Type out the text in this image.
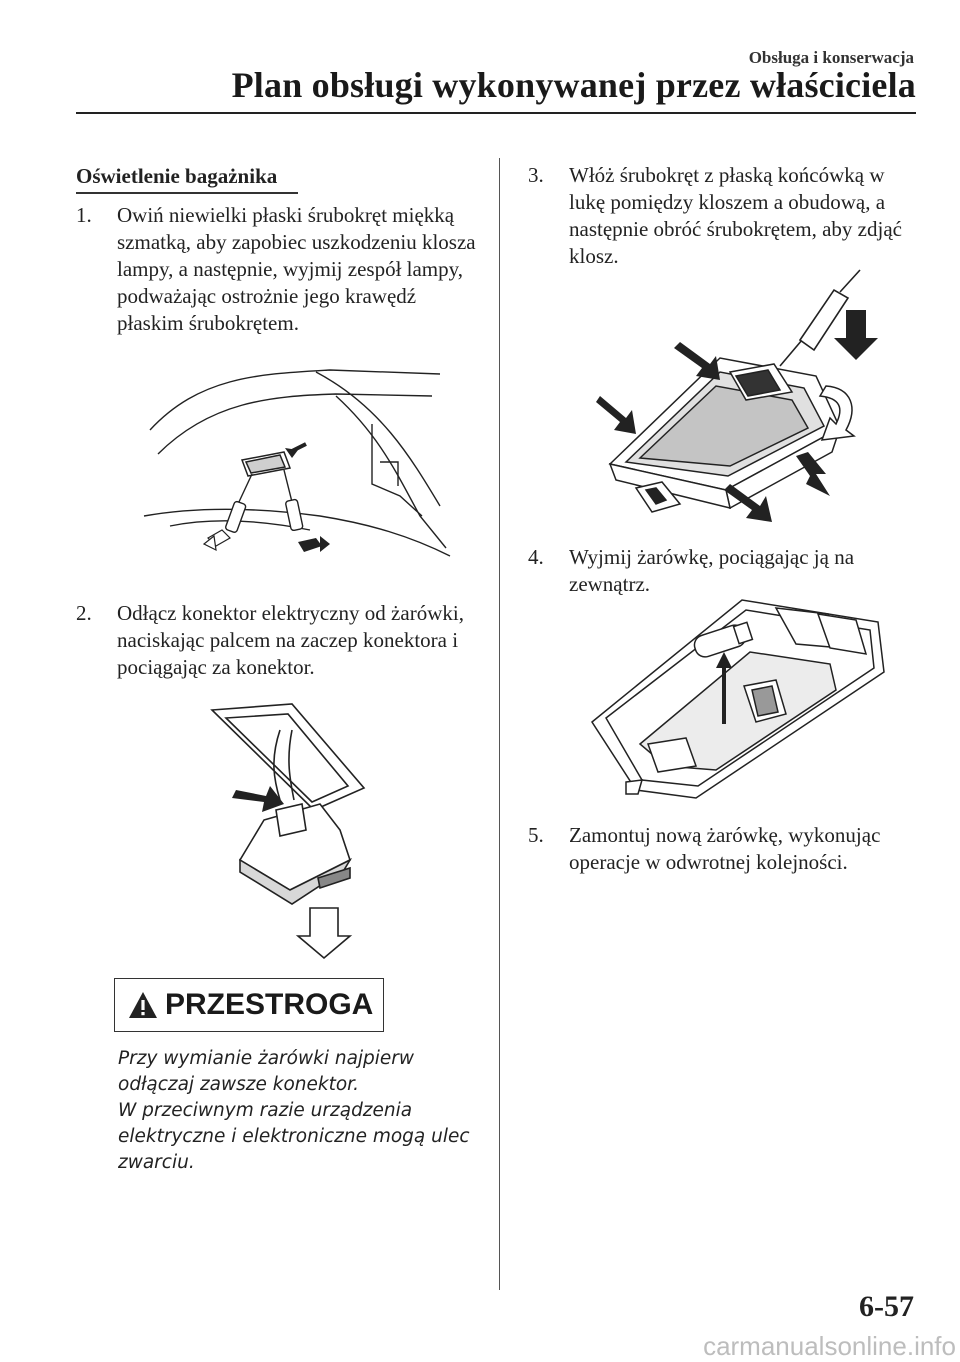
Obsługa i konserwacja
Plan obsługi wykonywanej przez właściciela
Oświetlenie bagażnika
1.	Owiń niewielki płaski śrubokręt miękką szmatką, aby zapobiec uszkodzeniu klosza lampy, a następnie, wyjmij zespół lampy, podważając ostrożnie jego krawędź płaskim śrubokrętem.
2.	Odłącz konektor elektryczny od żarówki, naciskając palcem na zaczep konektora i pociągając za konektor.
PRZESTROGA
Przy wymianie żarówki najpierw
odłączaj zawsze konektor.
W przeciwnym razie urządzenia
elektryczne i elektroniczne mogą ulec
zwarciu.
3.	Włóż śrubokręt z płaską końcówką w lukę pomiędzy kloszem a obudową, a następnie obróć śrubokrętem, aby zdjąć klosz.
4.	Wyjmij żarówkę, pociągając ją na zewnątrz.
5.	Zamontuj nową żarówkę, wykonując operacje w odwrotnej kolejności.
6-57
carmanualsonline.info
